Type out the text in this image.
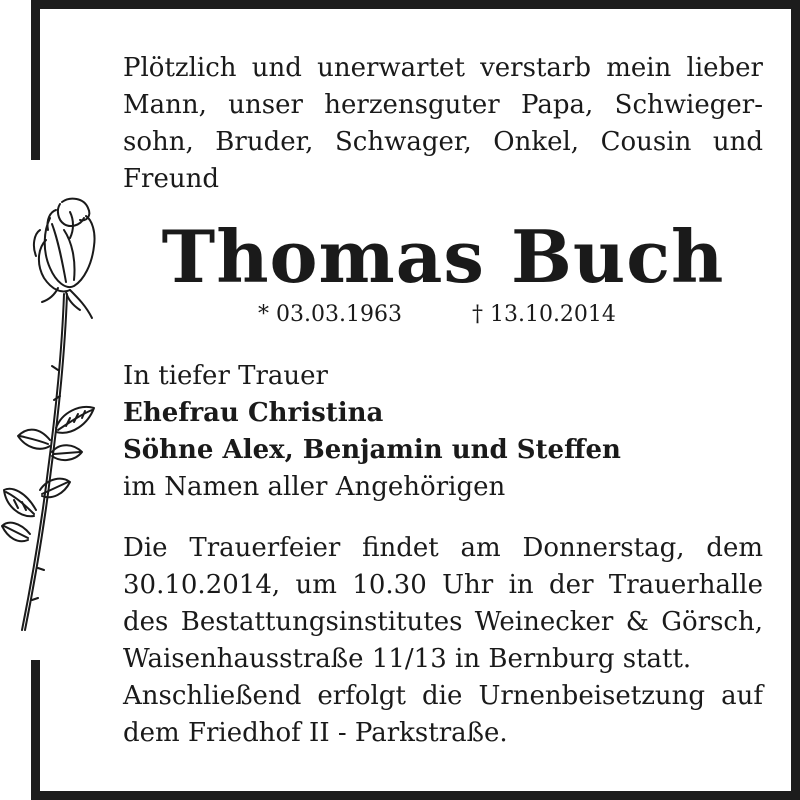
Plötzlich und unerwartet verstarb mein lieber
Mann, unser herzensguter Papa, Schwieger-
sohn, Bruder, Schwager, Onkel, Cousin und
Freund
Thomas Buch
* 03.03.1963	† 13.10.2014
In tiefer Trauer
Ehefrau Christina
Söhne Alex, Benjamin und Steffen
im Namen aller Angehörigen
Die Trauerfeier findet am Donnerstag, dem
30.10.2014, um 10.30 Uhr in der Trauerhalle
des Bestattungsinstitutes Weinecker & Görsch,
Waisenhausstraße 11/13 in Bernburg statt.
Anschließend erfolgt die Urnenbeisetzung auf
dem Friedhof II - Parkstraße.
